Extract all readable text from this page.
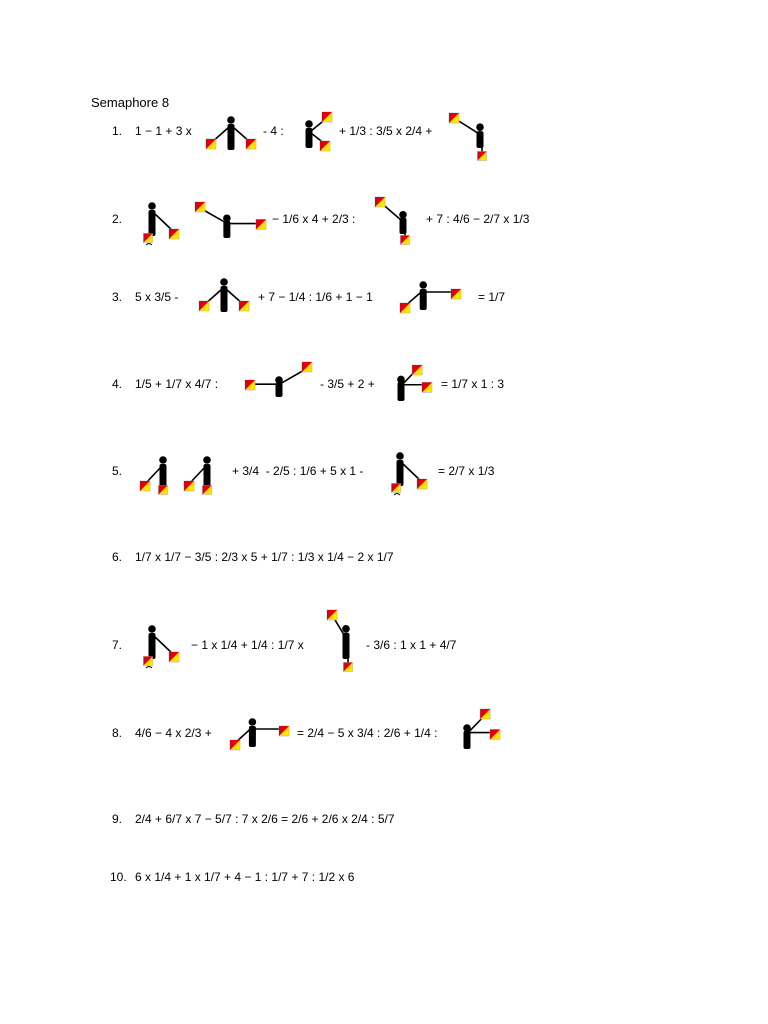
Semaphore 8
1. 1 − 1 + 3 x	- 4 :	+ 1/3 : 3/5 x 2/4 +
2.	− 1/6 x 4 + 2/3 :	+ 7 : 4/6 − 2/7 x 1/3
3. 5 x 3/5 -	+ 7 − 1/4 : 1/6 + 1 − 1	= 1/7
4. 1/5 + 1/7 x 4/7 :	- 3/5 + 2 +	= 1/7 x 1 : 3
5.	+ 3/4  - 2/5 : 1/6 + 5 x 1 -	= 2/7 x 1/3
6. 1/7 x 1/7 − 3/5 : 2/3 x 5 + 1/7 : 1/3 x 1/4 − 2 x 1/7
7.	− 1 x 1/4 + 1/4 : 1/7 x	- 3/6 : 1 x 1 + 4/7
8. 4/6 − 4 x 2/3 +	= 2/4 − 5 x 3/4 : 2/6 + 1/4 :
9. 2/4 + 6/7 x 7 − 5/7 : 7 x 2/6 = 2/6 + 2/6 x 2/4 : 5/7
10. 6 x 1/4 + 1 x 1/7 + 4 − 1 : 1/7 + 7 : 1/2 x 6
